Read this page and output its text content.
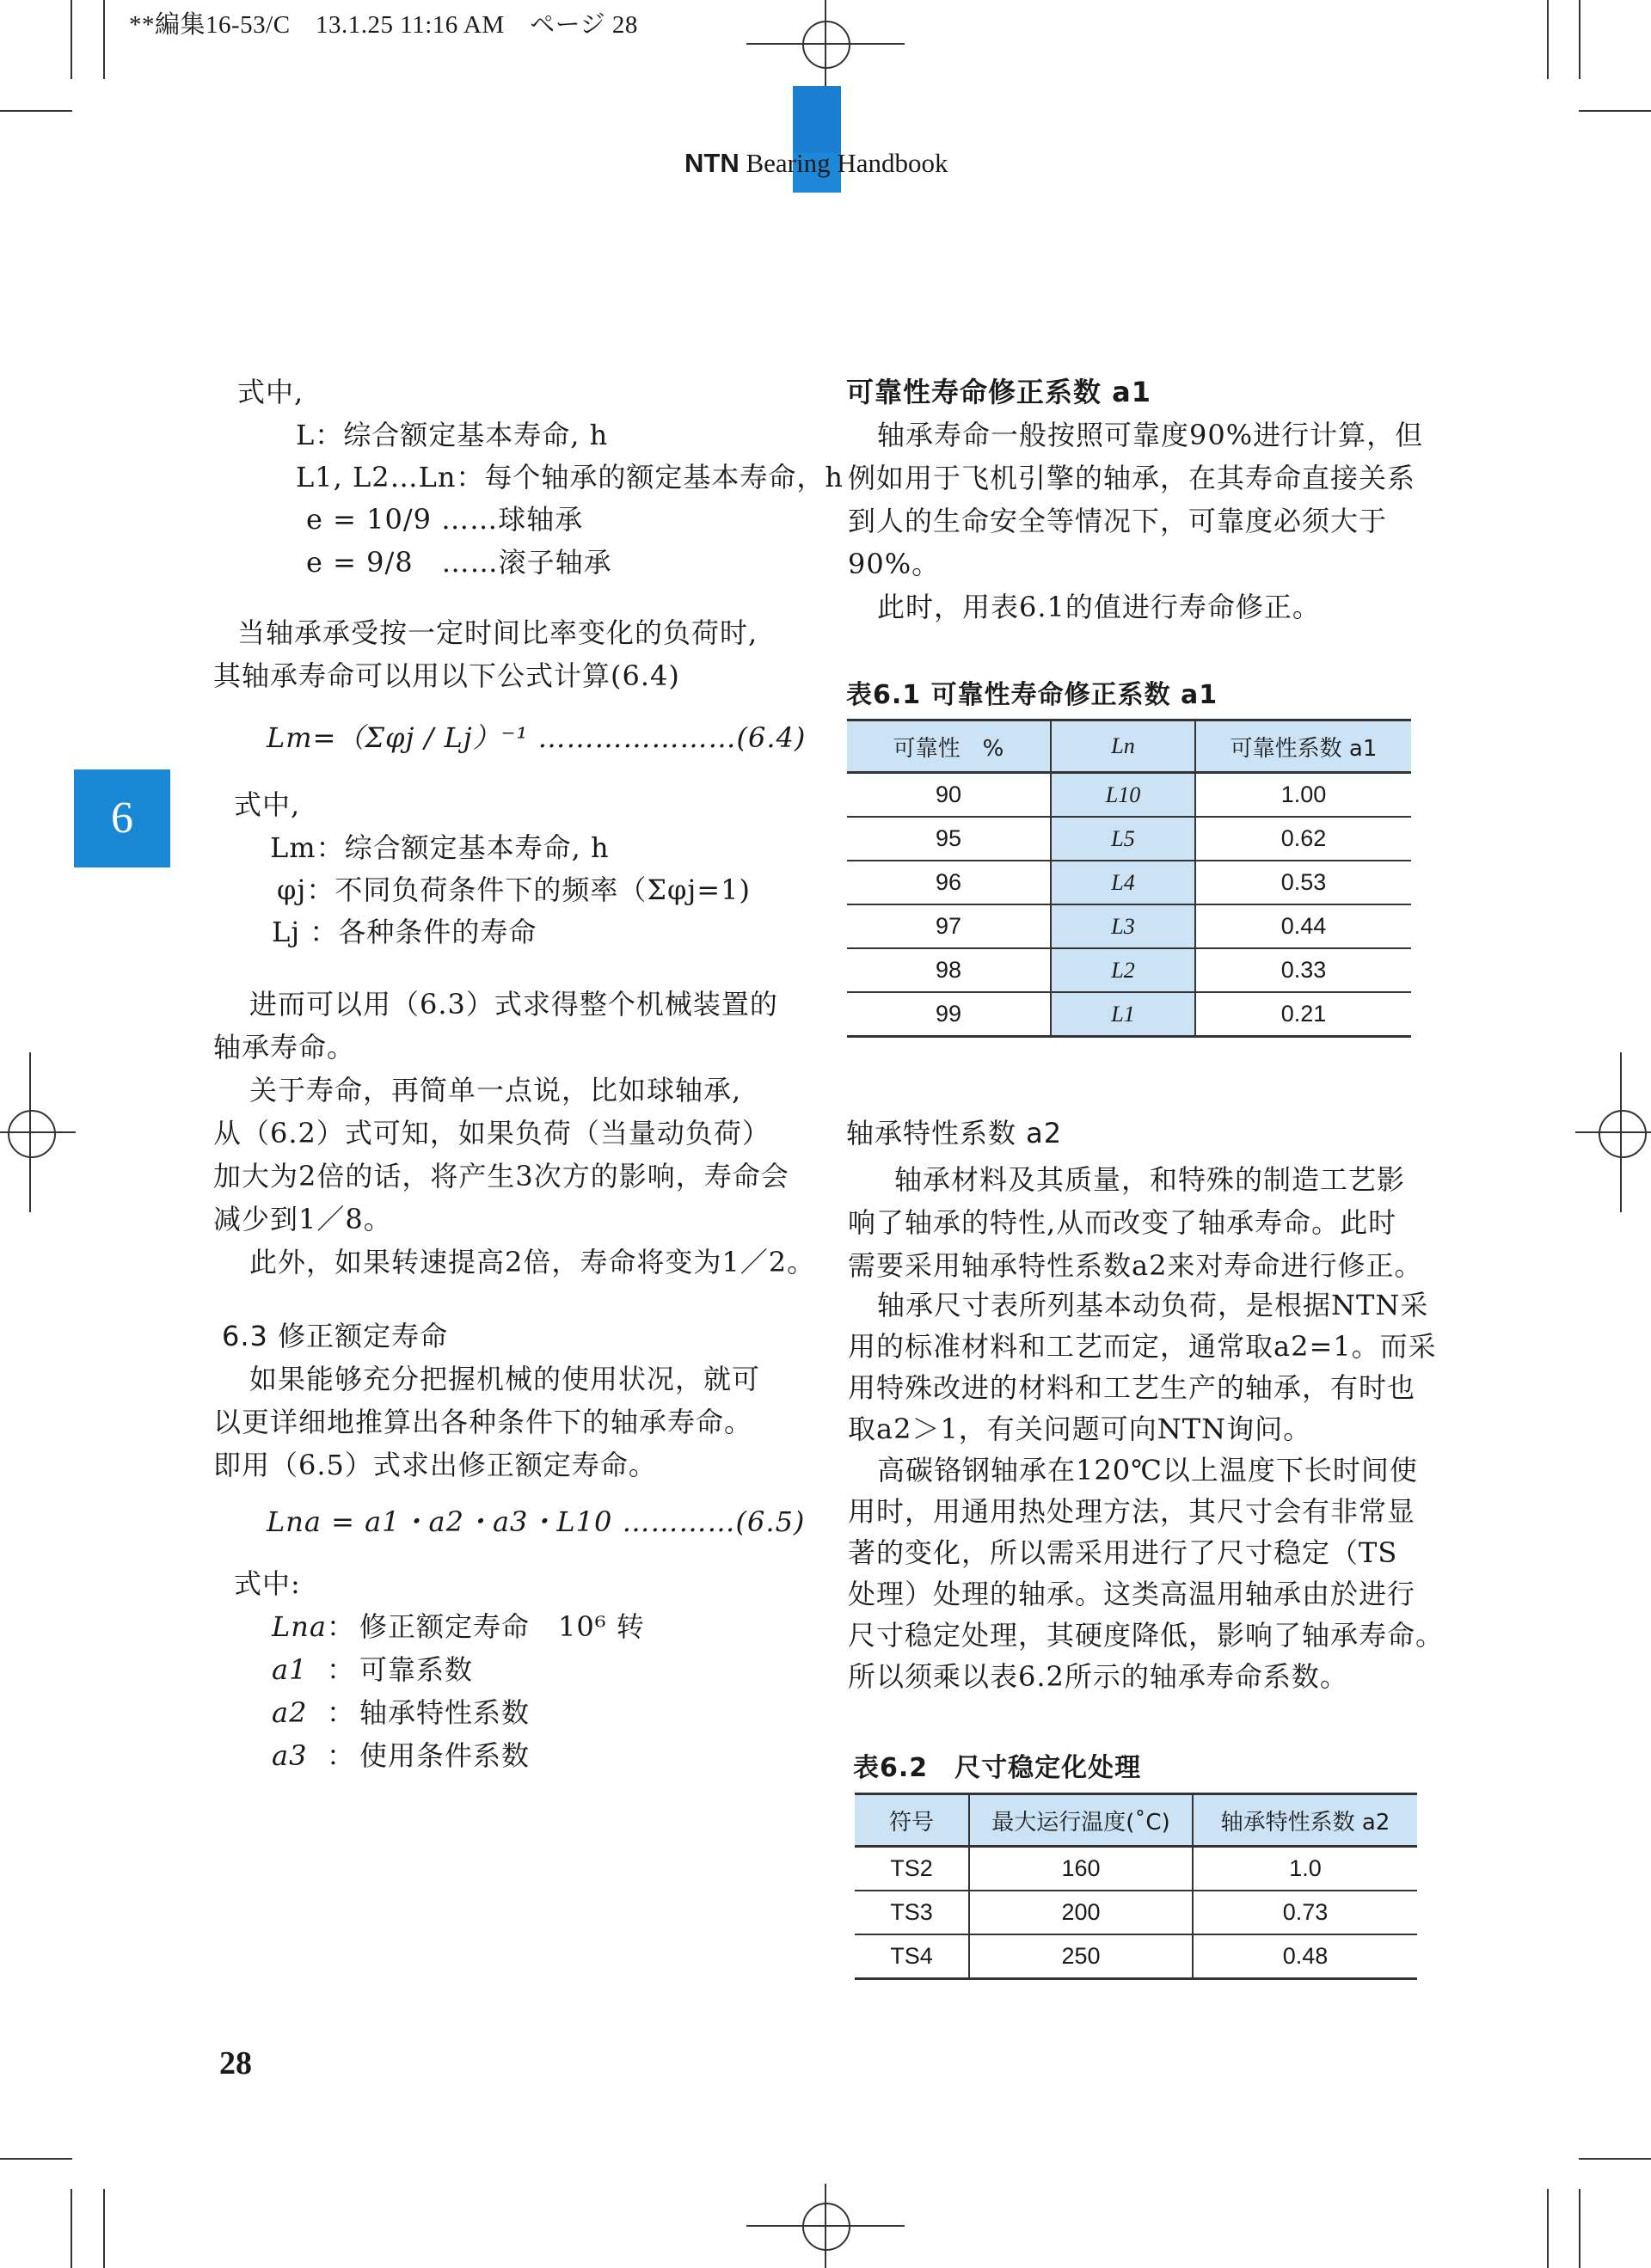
**編集16-53/C　13.1.25 11:16 AM　ページ 28
NTN Bearing Handbook
6
式中,
L：综合额定基本寿命, h
L1, L2…Ln：每个轴承的额定基本寿命，h
e = 10/9 ……球轴承
e = 9/8　……滚子轴承
当轴承承受按一定时间比率变化的负荷时,
其轴承寿命可以用以下公式计算(6.4)
Lm=（Σφj / Lj）⁻¹ …………………(6.4)
式中,
Lm：综合额定基本寿命, h
φj：不同负荷条件下的频率（Σφj=1)
Lj ：各种条件的寿命
进而可以用（6.3）式求得整个机械装置的
轴承寿命。
关于寿命，再简单一点说，比如球轴承,
从（6.2）式可知，如果负荷（当量动负荷）
加大为2倍的话，将产生3次方的影响，寿命会
减少到1／8。
此外，如果转速提高2倍，寿命将变为1／2。
6.3 修正额定寿命
如果能够充分把握机械的使用状况，就可
以更详细地推算出各种条件下的轴承寿命。
即用（6.5）式求出修正额定寿命。
Lna = a1・a2・a3・L10 …………(6.5)
式中:
Lna ： 修正额定寿命　10⁶ 转
a1 ： 可靠系数
a2 ： 轴承特性系数
a3 ： 使用条件系数
可靠性寿命修正系数 a1
轴承寿命一般按照可靠度90%进行计算，但
例如用于飞机引擎的轴承，在其寿命直接关系
到人的生命安全等情况下，可靠度必须大于
90%。
此时，用表6.1的值进行寿命修正。
表6.1 可靠性寿命修正系数 a1
可靠性　%	Ln	可靠性系数 a1
90	L10	1.00
95	L5	0.62
96	L4	0.53
97	L3	0.44
98	L2	0.33
99	L1	0.21
轴承特性系数 a2
轴承材料及其质量，和特殊的制造工艺影
响了轴承的特性,从而改变了轴承寿命。此时
需要采用轴承特性系数a2来对寿命进行修正。
轴承尺寸表所列基本动负荷，是根据NTN采
用的标准材料和工艺而定，通常取a2=1。而采
用特殊改进的材料和工艺生产的轴承，有时也
取a2＞1，有关问题可向NTN询问。
高碳铬钢轴承在120℃以上温度下长时间使
用时，用通用热处理方法，其尺寸会有非常显
著的变化，所以需采用进行了尺寸稳定（TS
处理）处理的轴承。这类高温用轴承由於进行
尺寸稳定处理，其硬度降低，影响了轴承寿命。
所以须乘以表6.2所示的轴承寿命系数。
表6.2　尺寸稳定化处理
符号	最大运行温度(˚C)	轴承特性系数 a2
TS2	160	1.0
TS3	200	0.73
TS4	250	0.48
28
